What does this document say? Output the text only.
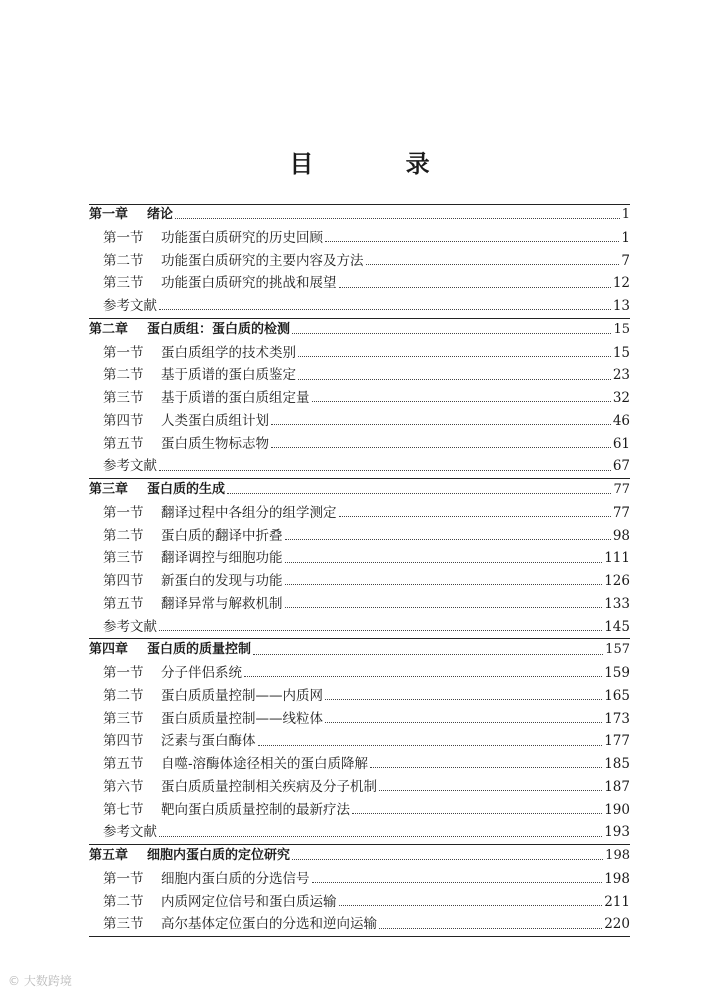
目 录
第一章	绪论	1
第一节	功能蛋白质研究的历史回顾	1
第二节	功能蛋白质研究的主要内容及方法	7
第三节	功能蛋白质研究的挑战和展望	12
参考文献	13
第二章	蛋白质组：蛋白质的检测	15
第一节	蛋白质组学的技术类别	15
第二节	基于质谱的蛋白质鉴定	23
第三节	基于质谱的蛋白质组定量	32
第四节	人类蛋白质组计划	46
第五节	蛋白质生物标志物	61
参考文献	67
第三章	蛋白质的生成	77
第一节	翻译过程中各组分的组学测定	77
第二节	蛋白质的翻译中折叠	98
第三节	翻译调控与细胞功能	111
第四节	新蛋白的发现与功能	126
第五节	翻译异常与解救机制	133
参考文献	145
第四章	蛋白质的质量控制	157
第一节	分子伴侣系统	159
第二节	蛋白质质量控制——内质网	165
第三节	蛋白质质量控制——线粒体	173
第四节	泛素与蛋白酶体	177
第五节	自噬-溶酶体途径相关的蛋白质降解	185
第六节	蛋白质质量控制相关疾病及分子机制	187
第七节	靶向蛋白质质量控制的最新疗法	190
参考文献	193
第五章	细胞内蛋白质的定位研究	198
第一节	细胞内蛋白质的分选信号	198
第二节	内质网定位信号和蛋白质运输	211
第三节	高尔基体定位蛋白的分选和逆向运输	220
© 大数跨境
